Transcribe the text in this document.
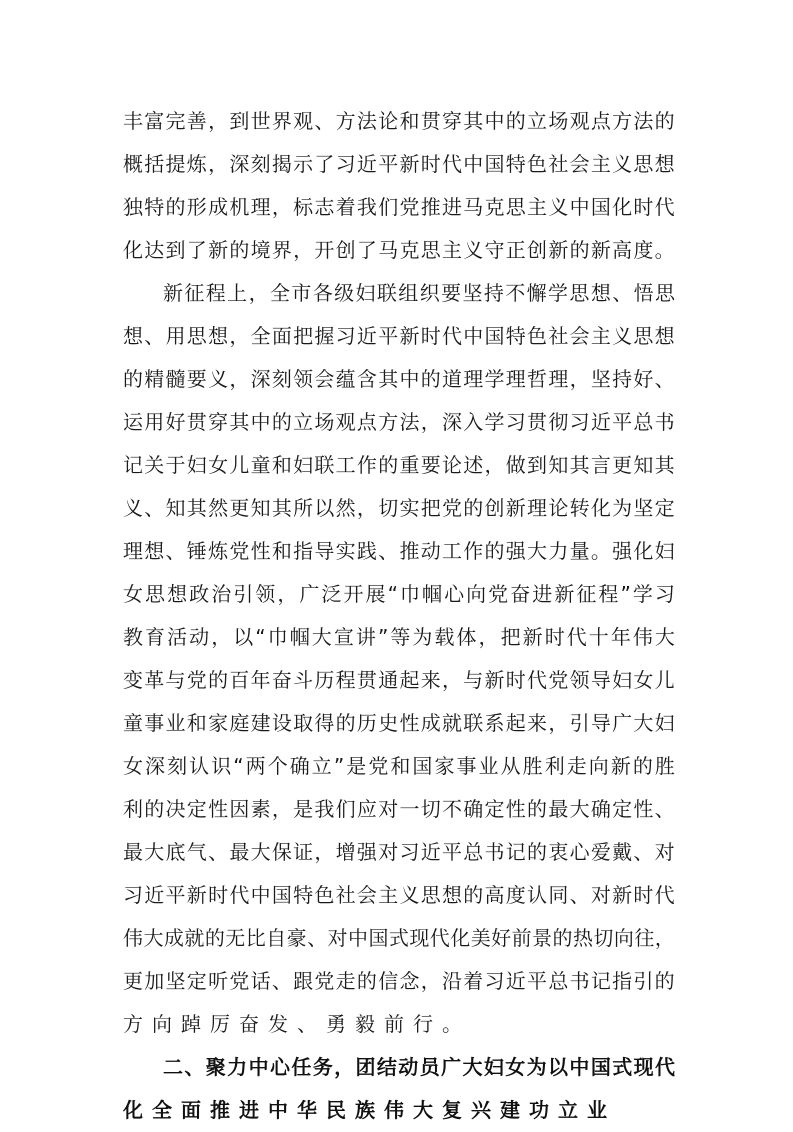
丰 富 完 善 ， 到 世 界 观 、 方 法 论 和 贯 穿 其 中 的 立 场 观 点 方 法 的
概 括 提 炼 ， 深 刻 揭 示 了 习 近 平 新 时 代 中 国 特 色 社 会 主 义 思 想
独 特 的 形 成 机 理 ， 标 志 着 我 们 党 推 进 马 克 思 主 义 中 国 化 时 代
化 达 到 了 新 的 境 界 ， 开 创 了 马 克 思 主 义 守 正 创 新 的 新 高 度 。
新 征 程 上 ， 全 市 各 级 妇 联 组 织 要 坚 持 不 懈 学 思 想 、 悟 思
想 、 用 思 想 ， 全 面 把 握 习 近 平 新 时 代 中 国 特 色 社 会 主 义 思 想
的 精 髓 要 义 ， 深 刻 领 会 蕴 含 其 中 的 道 理 学 理 哲 理 ， 坚 持 好 、
运 用 好 贯 穿 其 中 的 立 场 观 点 方 法 ， 深 入 学 习 贯 彻 习 近 平 总 书
记 关 于 妇 女 儿 童 和 妇 联 工 作 的 重 要 论 述 ， 做 到 知 其 言 更 知 其
义 、 知 其 然 更 知 其 所 以 然 ， 切 实 把 党 的 创 新 理 论 转 化 为 坚 定
理 想 、 锤 炼 党 性 和 指 导 实 践 、 推 动 工 作 的 强 大 力 量 。 强 化 妇
女 思 想 政 治 引 领 ， 广 泛 开 展 “ 巾 帼 心 向 党 奋 进 新 征 程 ” 学 习
教 育 活 动 ， 以 “ 巾 帼 大 宣 讲 ” 等 为 载 体 ， 把 新 时 代 十 年 伟 大
变 革 与 党 的 百 年 奋 斗 历 程 贯 通 起 来 ， 与 新 时 代 党 领 导 妇 女 儿
童 事 业 和 家 庭 建 设 取 得 的 历 史 性 成 就 联 系 起 来 ， 引 导 广 大 妇
女 深 刻 认 识 “ 两 个 确 立 ” 是 党 和 国 家 事 业 从 胜 利 走 向 新 的 胜
利 的 决 定 性 因 素 ， 是 我 们 应 对 一 切 不 确 定 性 的 最 大 确 定 性 、
最 大 底 气 、 最 大 保 证 ， 增 强 对 习 近 平 总 书 记 的 衷 心 爱 戴 、 对
习 近 平 新 时 代 中 国 特 色 社 会 主 义 思 想 的 高 度 认 同 、 对 新 时 代
伟 大 成 就 的 无 比 自 豪 、 对 中 国 式 现 代 化 美 好 前 景 的 热 切 向 往 ，
更 加 坚 定 听 党 话 、 跟 党 走 的 信 念 ， 沿 着 习 近 平 总 书 记 指 引 的
方 向 踔 厉 奋 发 、 勇 毅 前 行 。
二 、 聚 力 中 心 任 务 ， 团 结 动 员 广 大 妇 女 为 以 中 国 式 现 代
化 全 面 推 进 中 华 民 族 伟 大 复 兴 建 功 立 业
